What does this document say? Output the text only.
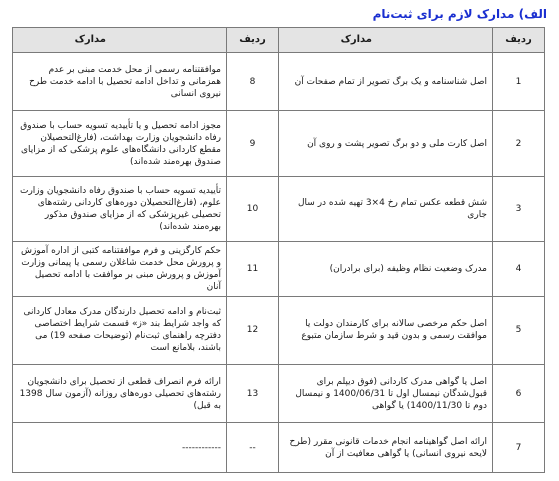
الف) مدارک لازم برای ثبت‌نام
ردیف	مدارک	ردیف	مدارک
1	اصل شناسنامه و یک برگ تصویر از تمام صفحات آن	8	موافقتنامه رسمی از محل خدمت مبنی بر عدم همزمانی و تداخل ادامه تحصیل با ادامه خدمت طرح نیروی انسانی
2	اصل کارت ملی و دو برگ تصویر پشت و روی آن	9	مجوز ادامه تحصیل و یا تأییدیه تسویه حساب با صندوق رفاه دانشجویان وزارت بهداشت، (فارغ‌التحصیلان مقطع کاردانی دانشگاه‌های علوم پزشکی که از مزایای صندوق بهره‌مند شده‌اند)
3	شش قطعه عکس تمام رخ 4×3 تهیه شده در سال جاری	10	تأییدیه تسویه حساب با صندوق رفاه دانشجویان وزارت علوم، (فارغ‌التحصیلان دوره‌های کاردانی رشته‌های تحصیلی غیرپزشکی که از مزایای صندوق مذکور بهره‌مند شده‌اند)
4	مدرک وضعیت نظام وظیفه (برای برادران)	11	حکم کارگزینی و فرم موافقتنامه کتبی از اداره آموزش و پرورش محل خدمت شاغلان رسمی یا پیمانی وزارت آموزش و پرورش مبنی بر موافقت با ادامه تحصیل آنان
5	اصل حکم مرخصی سالانه برای کارمندان دولت یا موافقت رسمی و بدون قید و شرط سازمان متبوع	12	ثبت‌نام و ادامه تحصیل دارندگان مدرک معادل کاردانی که واجد شرایط بند «ز» قسمت شرایط اختصاصی دفترچه راهنمای ثبت‌نام (توضیحات صفحه 19) می باشند، بلامانع است
6	اصل یا گواهی مدرک کاردانی (فوق دیپلم برای قبول‌شدگان نیمسال اول تا 1400/06/31 و نیمسال دوم تا 1400/11/30) یا گواهی	13	ارائه فرم انصراف قطعی از تحصیل برای دانشجویان رشته‌های تحصیلی دوره‌های روزانه (آزمون سال 1398 به قبل)
7	ارائه اصل گواهینامه انجام خدمات قانونی مقرر (طرح لایحه نیروی انسانی) یا گواهی معافیت از آن	--	------------
